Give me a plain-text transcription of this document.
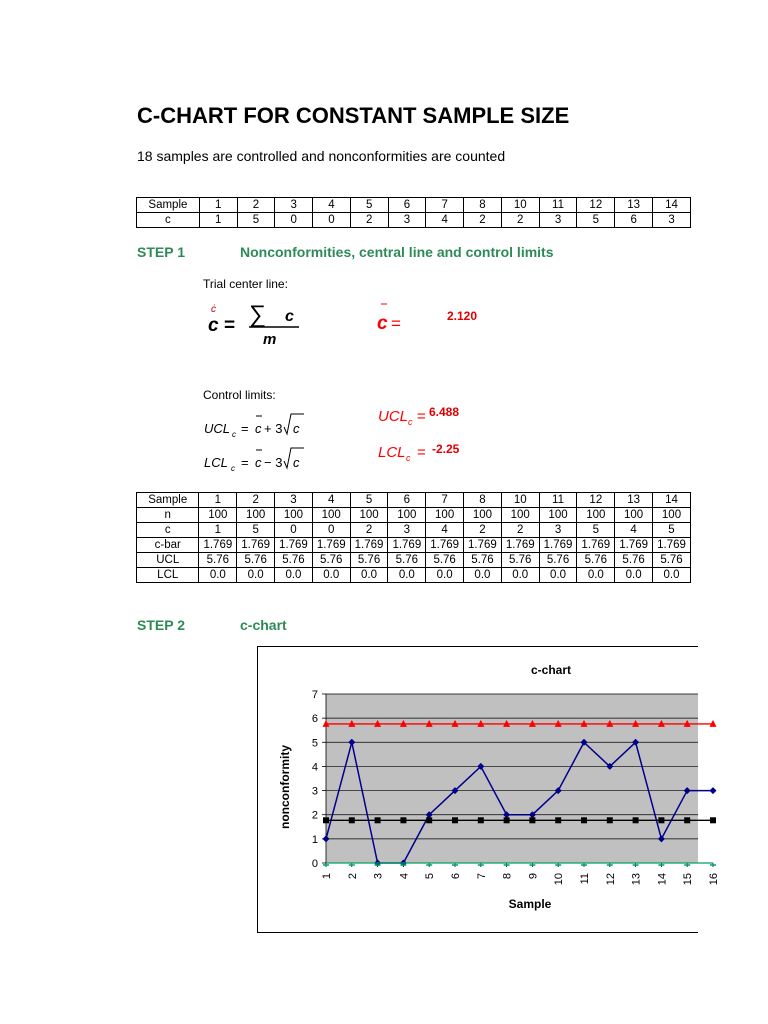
C-CHART FOR CONSTANT SAMPLE SIZE
18 samples are controlled and nonconformities are counted
Sample	1	2	3	4	5	6	7	8	10	11	12	13	14
c	1	5	0	0	2	3	4	2	2	3	5	6	3
STEP 1	Nonconformities, central line and control limits
Trial center line:
ċ
c = ∑ c
m
c =	2.120
Control limits:
UCL c = c + 3 c
LCL c = c − 3 c
UCL c =
LCL c =
6.488
-2.25
Sample	1	2	3	4	5	6	7	8	10	11	12	13	14
n	100	100	100	100	100	100	100	100	100	100	100	100	100
c	1	5	0	0	2	3	4	2	2	3	5	4	5
c-bar	1.769	1.769	1.769	1.769	1.769	1.769	1.769	1.769	1.769	1.769	1.769	1.769	1.769
UCL	5.76	5.76	5.76	5.76	5.76	5.76	5.76	5.76	5.76	5.76	5.76	5.76	5.76
LCL	0.0	0.0	0.0	0.0	0.0	0.0	0.0	0.0	0.0	0.0	0.0	0.0	0.0
STEP 2	c-chart
0
1
2
3
4
5
6
7
1 2 3 4 5 6 7 8 9 10 11 12 13 14 15 16
c-chart
Sample
nonconformity
